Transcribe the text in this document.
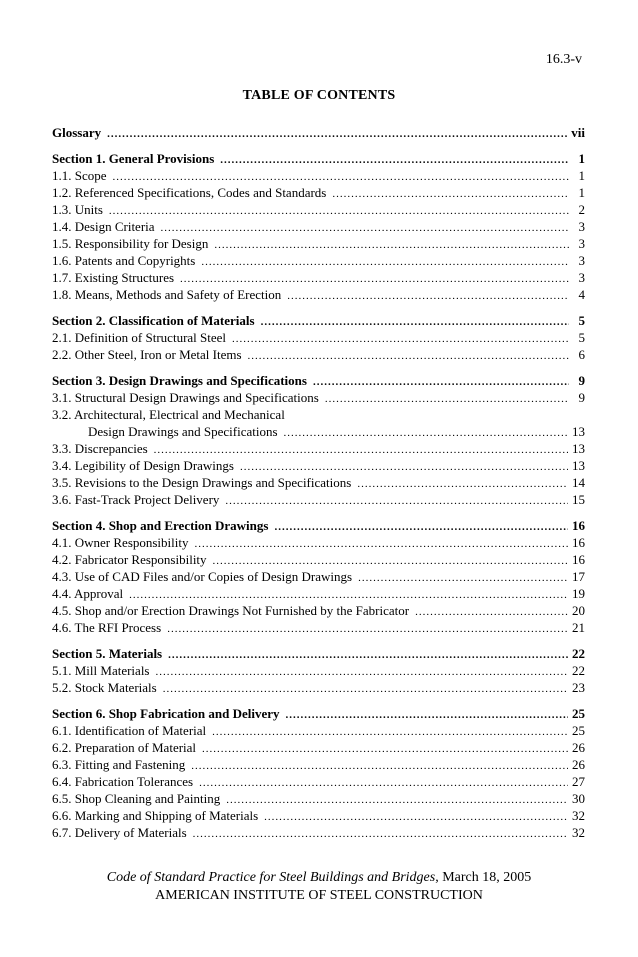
16.3-v
TABLE OF CONTENTS
Glossary .....	vii
Section 1. General Provisions .....	1
1.1. Scope .....	1
1.2. Referenced Specifications, Codes and Standards .....	1
1.3. Units .....	2
1.4. Design Criteria .....	3
1.5. Responsibility for Design .....	3
1.6. Patents and Copyrights .....	3
1.7. Existing Structures .....	3
1.8. Means, Methods and Safety of Erection .....	4
Section 2. Classification of Materials .....	5
2.1. Definition of Structural Steel .....	5
2.2. Other Steel, Iron or Metal Items .....	6
Section 3. Design Drawings and Specifications .....	9
3.1. Structural Design Drawings and Specifications .....	9
3.2. Architectural, Electrical and Mechanical
Design Drawings and Specifications .....	13
3.3. Discrepancies .....	13
3.4. Legibility of Design Drawings .....	13
3.5. Revisions to the Design Drawings and Specifications .....	14
3.6. Fast-Track Project Delivery .....	15
Section 4. Shop and Erection Drawings .....	16
4.1. Owner Responsibility .....	16
4.2. Fabricator Responsibility .....	16
4.3. Use of CAD Files and/or Copies of Design Drawings .....	17
4.4. Approval .....	19
4.5. Shop and/or Erection Drawings Not Furnished by the Fabricator .....	20
4.6. The RFI Process .....	21
Section 5. Materials .....	22
5.1. Mill Materials .....	22
5.2. Stock Materials .....	23
Section 6. Shop Fabrication and Delivery .....	25
6.1. Identification of Material .....	25
6.2. Preparation of Material .....	26
6.3. Fitting and Fastening .....	26
6.4. Fabrication Tolerances .....	27
6.5. Shop Cleaning and Painting .....	30
6.6. Marking and Shipping of Materials .....	32
6.7. Delivery of Materials .....	32
Code of Standard Practice for Steel Buildings and Bridges, March 18, 2005
AMERICAN INSTITUTE OF STEEL CONSTRUCTION
